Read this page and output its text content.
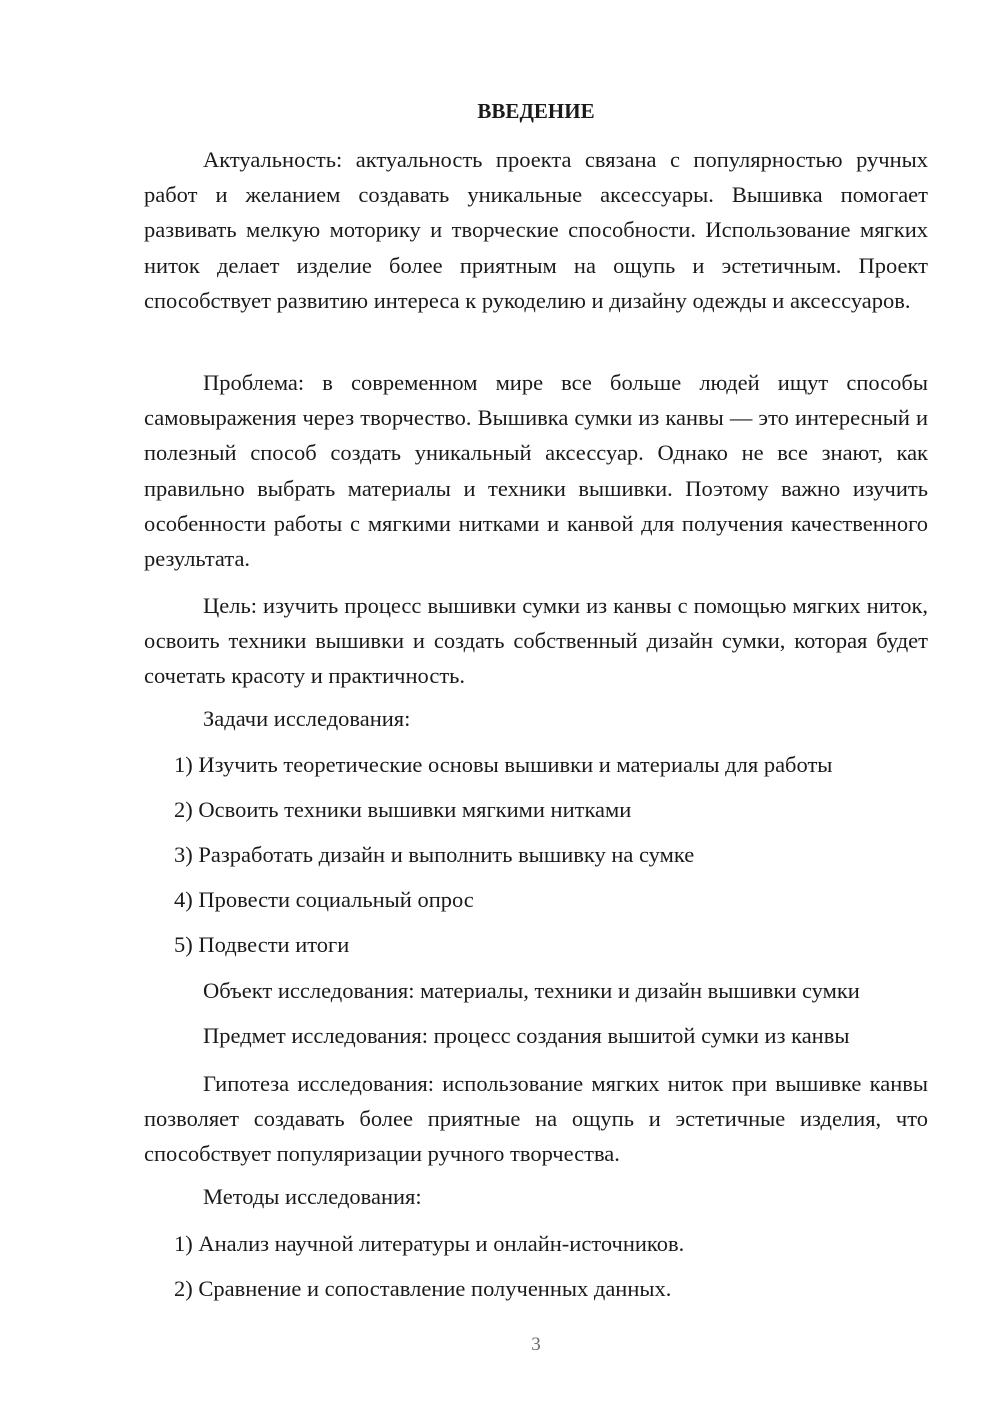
ВВЕДЕНИЕ

Актуальность: актуальность проекта связана с популярностью ручных работ и желанием создавать уникальные аксессуары. Вышивка помогает развивать мелкую моторику и творческие способности. Использование мягких ниток делает изделие более приятным на ощупь и эстетичным. Проект способствует развитию интереса к рукоделию и дизайну одежды и аксессуаров.

Проблема: в современном мире все больше людей ищут способы самовыражения через творчество. Вышивка сумки из канвы — это интересный и полезный способ создать уникальный аксессуар. Однако не все знают, как правильно выбрать материалы и техники вышивки. Поэтому важно изучить особенности работы с мягкими нитками и канвой для получения качественного результата.

Цель: изучить процесс вышивки сумки из канвы с помощью мягких ниток, освоить техники вышивки и создать собственный дизайн сумки, которая будет сочетать красоту и практичность.

Задачи исследования:
1) Изучить теоретические основы вышивки и материалы для работы
2) Освоить техники вышивки мягкими нитками
3) Разработать дизайн и выполнить вышивку на сумке
4) Провести социальный опрос
5) Подвести итоги
Объект исследования: материалы, техники и дизайн вышивки сумки
Предмет исследования: процесс создания вышитой сумки из канвы

Гипотеза исследования: использование мягких ниток при вышивке канвы позволяет создавать более приятные на ощупь и эстетичные изделия, что способствует популяризации ручного творчества.

Методы исследования:
1) Анализ научной литературы и онлайн-источников.
2) Сравнение и сопоставление полученных данных.
3
